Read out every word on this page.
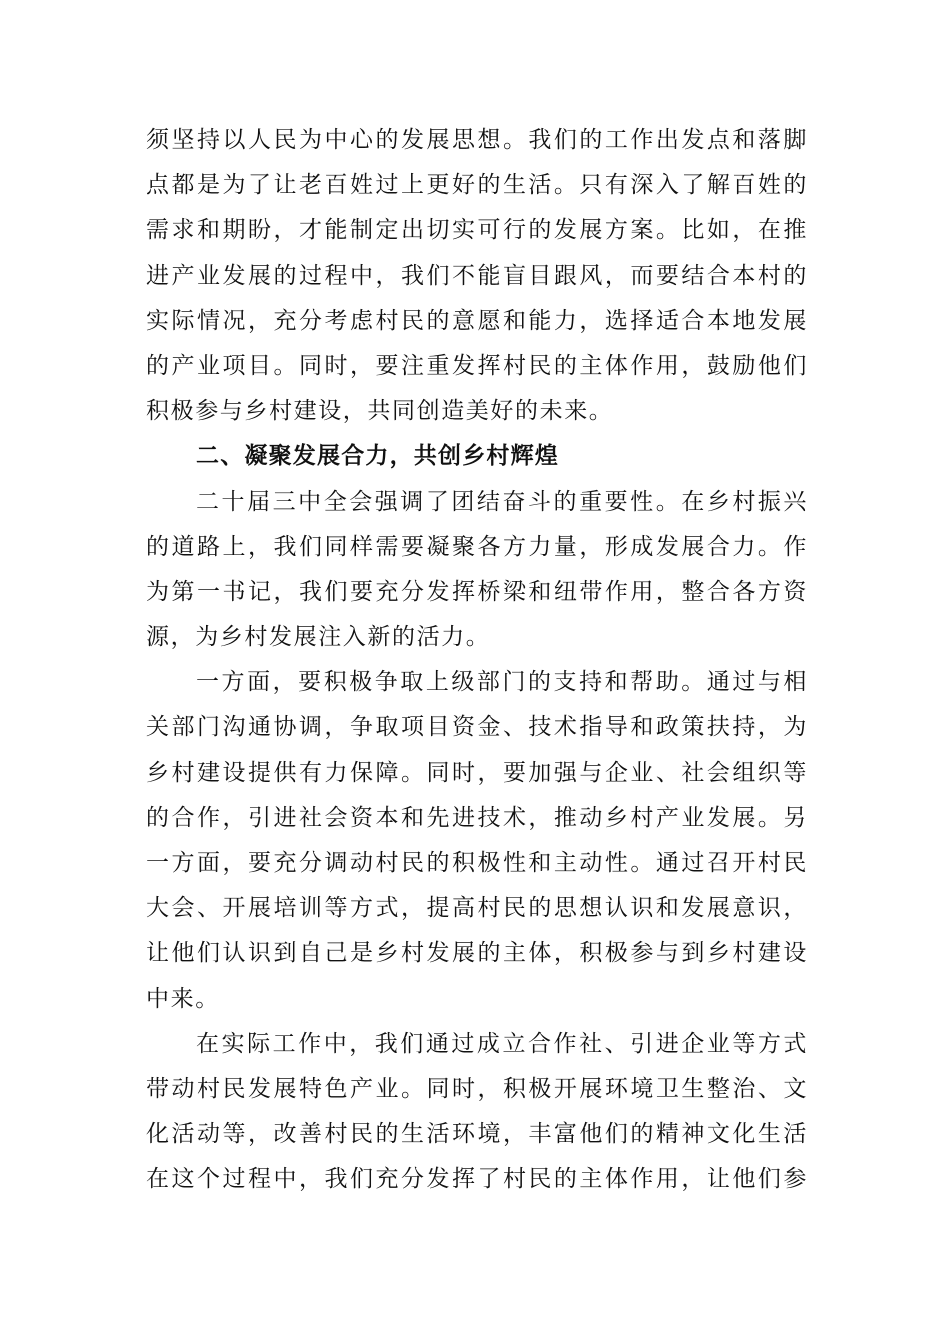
须坚持以人民为中心的发展思想。我们的工作出发点和落脚
点都是为了让老百姓过上更好的生活。只有深入了解百姓的
需求和期盼，才能制定出切实可行的发展方案。比如，在推
进产业发展的过程中，我们不能盲目跟风，而要结合本村的
实际情况，充分考虑村民的意愿和能力，选择适合本地发展
的产业项目。同时，要注重发挥村民的主体作用，鼓励他们
积极参与乡村建设，共同创造美好的未来。
二、凝聚发展合力，共创乡村辉煌
二十届三中全会强调了团结奋斗的重要性。在乡村振兴
的道路上，我们同样需要凝聚各方力量，形成发展合力。作
为第一书记，我们要充分发挥桥梁和纽带作用，整合各方资
源，为乡村发展注入新的活力。
一方面，要积极争取上级部门的支持和帮助。通过与相
关部门沟通协调，争取项目资金、技术指导和政策扶持，为
乡村建设提供有力保障。同时，要加强与企业、社会组织等
的合作，引进社会资本和先进技术，推动乡村产业发展。另
一方面，要充分调动村民的积极性和主动性。通过召开村民
大会、开展培训等方式，提高村民的思想认识和发展意识，
让他们认识到自己是乡村发展的主体，积极参与到乡村建设
中来。
在实际工作中，我们通过成立合作社、引进企业等方式
带动村民发展特色产业。同时，积极开展环境卫生整治、文
化活动等，改善村民的生活环境，丰富他们的精神文化生活
在这个过程中，我们充分发挥了村民的主体作用，让他们参
